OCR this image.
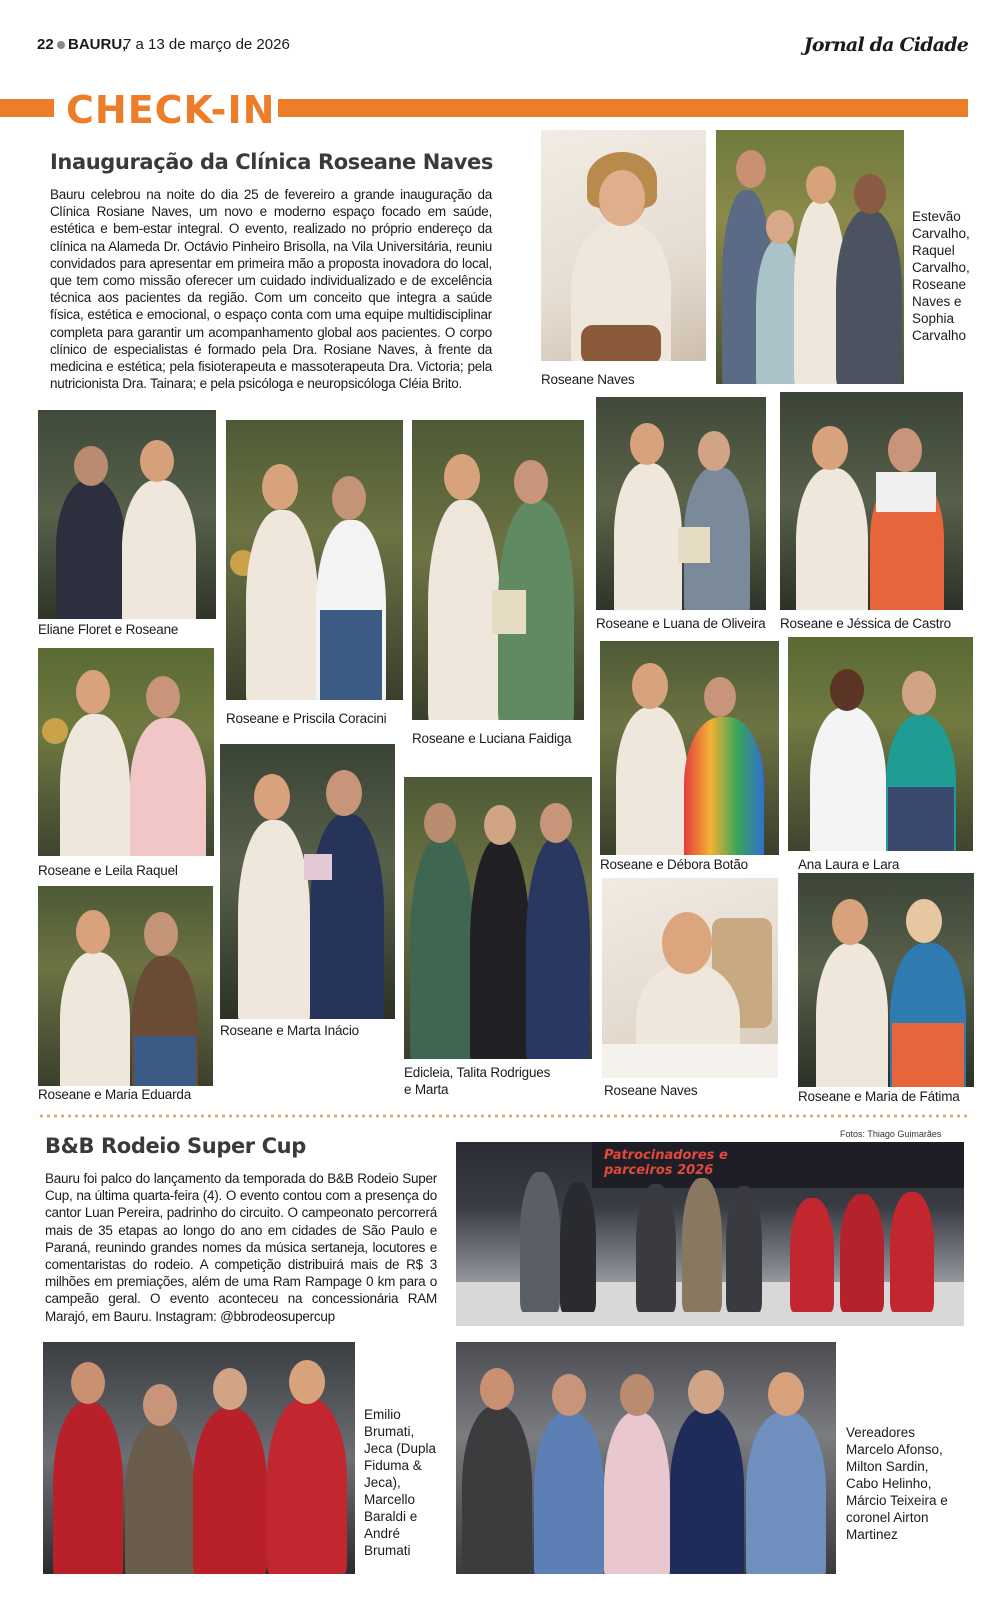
22 BAURU,
7 a 13 de março de 2026	Jornal da Cidade
CHECK-IN
Inauguração da Clínica Roseane Naves
Bauru celebrou na noite do dia 25 de fevereiro a grande inauguração da Clínica Rosiane Naves, um novo e moderno espaço focado em saúde, estética e bem-estar integral. O evento, realizado no próprio endereço da clínica na Alameda Dr. Octávio Pinheiro Brisolla, na Vila Universitária, reuniu convidados para apresentar em primeira mão a proposta inovadora do local, que tem como missão oferecer um cuidado individualizado e de excelência técnica aos pacientes da região. Com um conceito que integra a saúde física, estética e emocional, o espaço conta com uma equipe multidisciplinar completa para garantir um acompanhamento global aos pacientes. O corpo clínico de especialistas é formado pela Dra. Rosiane Naves, à frente da medicina e estética; pela fisioterapeuta e massoterapeuta Dra. Victoria; pela nutricionista Dra. Tainara; e pela psicóloga e neuropsicóloga Cléia Brito.	Roseane Naves
Estevão Carvalho, Raquel Carvalho, Roseane Naves e Sophia Carvalho
Eliane Floret e Roseane
Roseane e Priscila Coracini
Roseane e Luciana Faidiga
Roseane e Luana de Oliveira Roseane e Jéssica de Castro
Roseane e Leila Raquel
Roseane e Marta Inácio
Edicleia, Talita Rodrigues e Marta
Roseane e Débora Botão	Ana Laura e Lara
Roseane e Maria Eduarda	Roseane Naves	Roseane e Maria de Fátima
B&B Rodeio Super Cup
Bauru foi palco do lançamento da temporada do B&B Rodeio Super Cup, na última quarta-feira (4). O evento contou com a presença do cantor Luan Pereira, padrinho do circuito. O campeonato percorrerá mais de 35 etapas ao longo do ano em cidades de São Paulo e Paraná, reunindo grandes nomes da música sertaneja, locutores e comentaristas do rodeio. A competição distribuirá mais de R$ 3 milhões em premiações, além de uma Ram Rampage 0 km para o campeão geral. O evento aconteceu na concessionária RAM Marajó, em Bauru. Instagram: @bbrodeosupercup
Fotos: Thiago Guimarães
Patrocinadores e parceiros 2026
Emilio Brumati, Jeca (Dupla Fiduma & Jeca), Marcello Baraldi e André Brumati
Vereadores Marcelo Afonso, Milton Sardin, Cabo Helinho, Márcio Teixeira e coronel Airton Martinez
